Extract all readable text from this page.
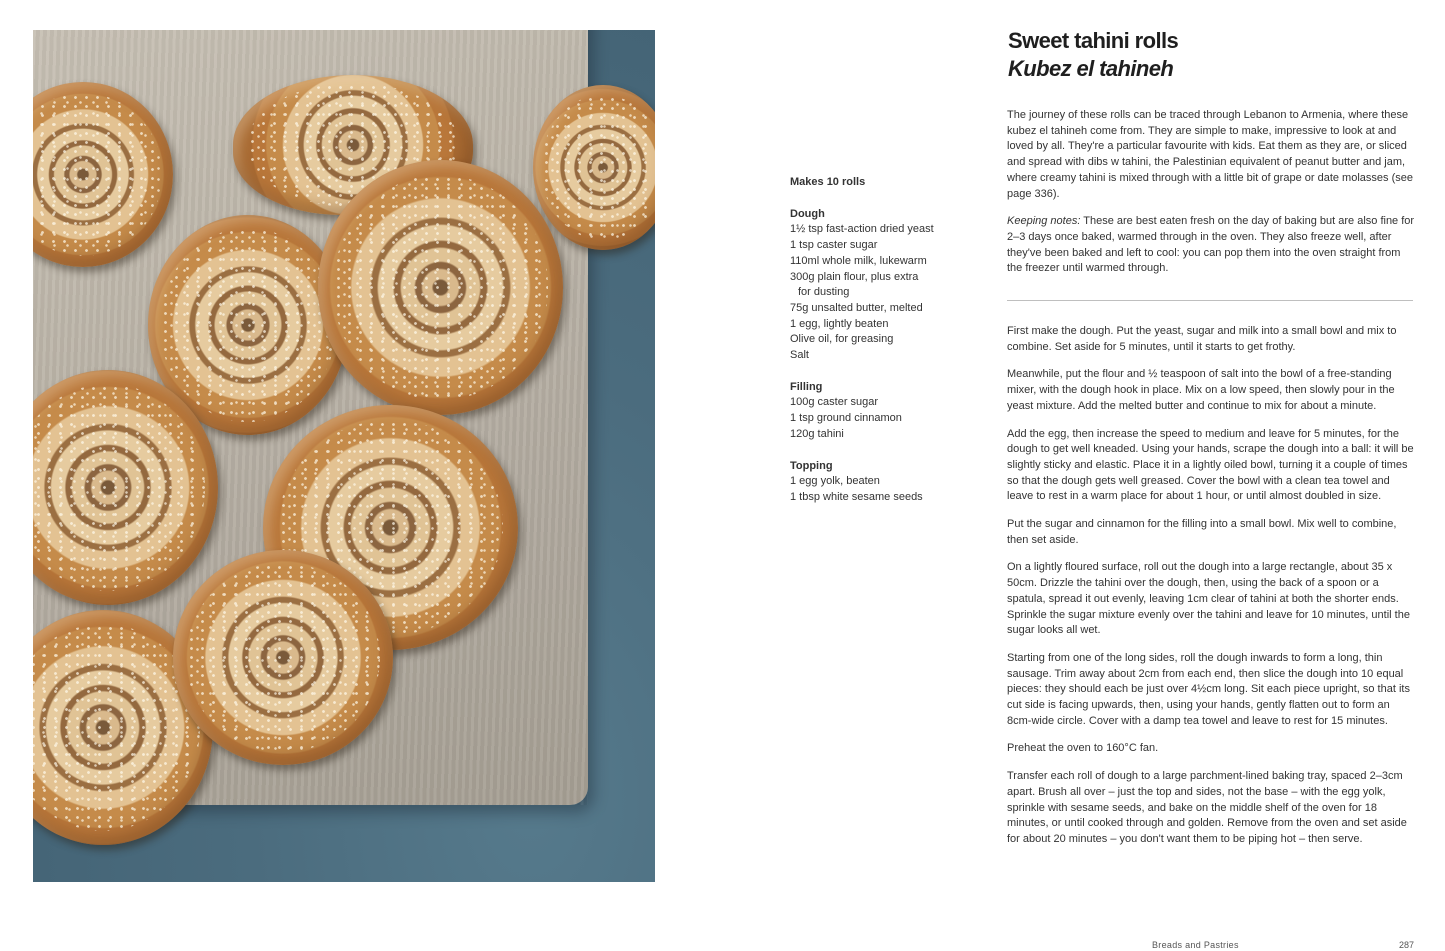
Sweet tahini rolls
Kubez el tahineh
Makes 10 rolls
Dough
1½ tsp fast-action dried yeast
1 tsp caster sugar
110ml whole milk, lukewarm
300g plain flour, plus extra
for dusting
75g unsalted butter, melted
1 egg, lightly beaten
Olive oil, for greasing
Salt
Filling
100g caster sugar
1 tsp ground cinnamon
120g tahini
Topping
1 egg yolk, beaten
1 tbsp white sesame seeds

The journey of these rolls can be traced through Lebanon to Armenia, where these kubez el tahineh come from. They are simple to make, impressive to look at and loved by all. They're a particular favourite with kids. Eat them as they are, or sliced and spread with dibs w tahini, the Palestinian equivalent of peanut butter and jam, where creamy tahini is mixed through with a little bit of grape or date molasses (see page 336).

Keeping notes: These are best eaten fresh on the day of baking but are also fine for 2–3 days once baked, warmed through in the oven. They also freeze well, after they've been baked and left to cool: you can pop them into the oven straight from the freezer until warmed through.

First make the dough. Put the yeast, sugar and milk into a small bowl and mix to combine. Set aside for 5 minutes, until it starts to get frothy.

Meanwhile, put the flour and ½ teaspoon of salt into the bowl of a free-standing mixer, with the dough hook in place. Mix on a low speed, then slowly pour in the yeast mixture. Add the melted butter and continue to mix for about a minute.

Add the egg, then increase the speed to medium and leave for 5 minutes, for the dough to get well kneaded. Using your hands, scrape the dough into a ball: it will be slightly sticky and elastic. Place it in a lightly oiled bowl, turning it a couple of times so that the dough gets well greased. Cover the bowl with a clean tea towel and leave to rest in a warm place for about 1 hour, or until almost doubled in size.

Put the sugar and cinnamon for the filling into a small bowl. Mix well to combine, then set aside.

On a lightly floured surface, roll out the dough into a large rectangle, about 35 x 50cm. Drizzle the tahini over the dough, then, using the back of a spoon or a spatula, spread it out evenly, leaving 1cm clear of tahini at both the shorter ends. Sprinkle the sugar mixture evenly over the tahini and leave for 10 minutes, until the sugar looks all wet.

Starting from one of the long sides, roll the dough inwards to form a long, thin sausage. Trim away about 2cm from each end, then slice the dough into 10 equal pieces: they should each be just over 4½cm long. Sit each piece upright, so that its cut side is facing upwards, then, using your hands, gently flatten out to form an 8cm-wide circle. Cover with a damp tea towel and leave to rest for 15 minutes.

Preheat the oven to 160°C fan.

Transfer each roll of dough to a large parchment-lined baking tray, spaced 2–3cm apart. Brush all over – just the top and sides, not the base – with the egg yolk, sprinkle with sesame seeds, and bake on the middle shelf of the oven for 18 minutes, or until cooked through and golden. Remove from the oven and set aside for about 20 minutes – you don't want them to be piping hot – then serve.

Breads and Pastries	287
